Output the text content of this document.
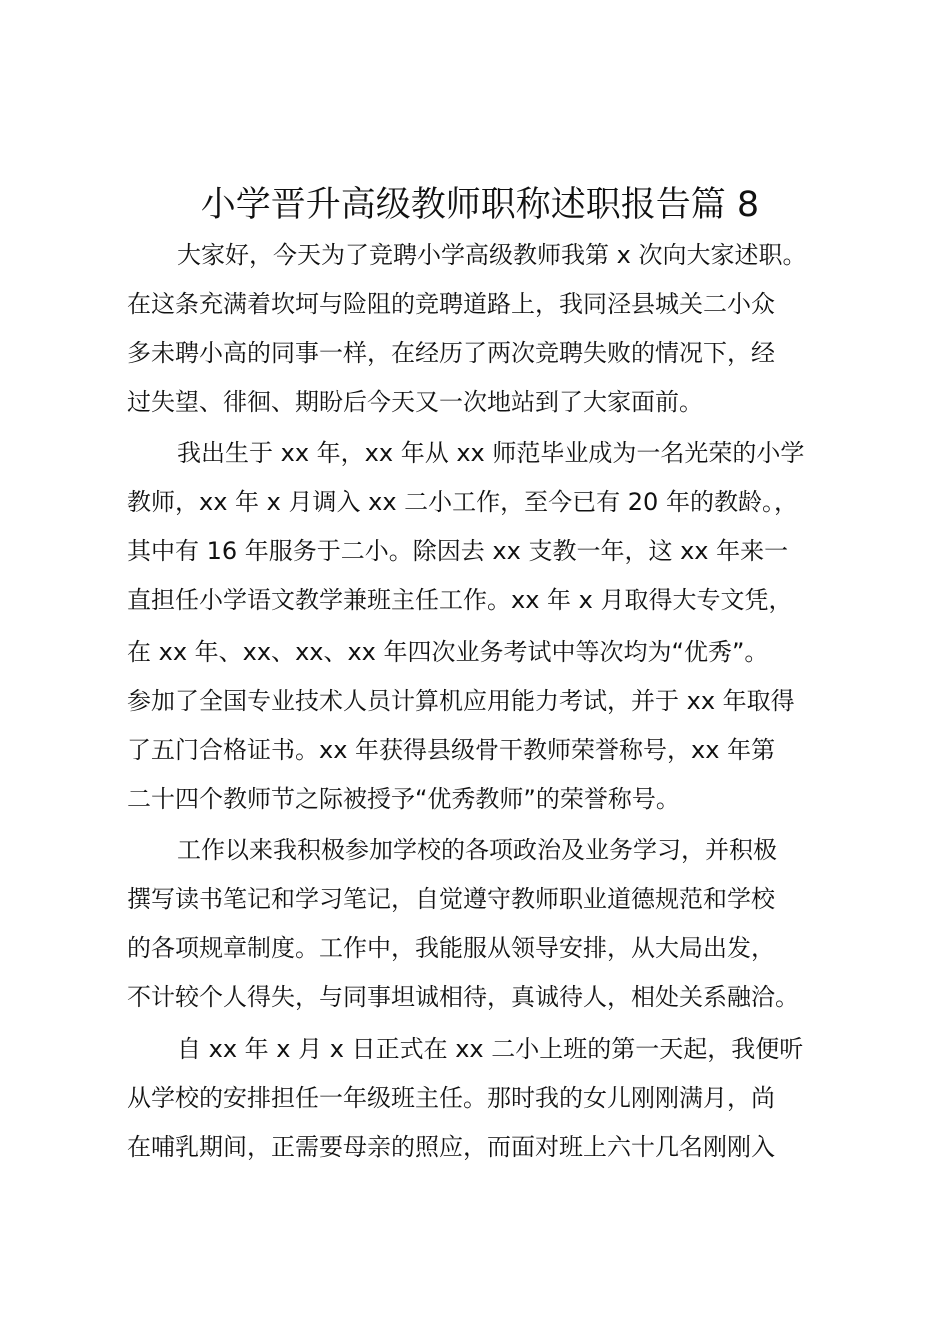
小学晋升高级教师职称述职报告篇 8

大家好，今天为了竞聘小学高级教师我第 x 次向大家述职。

在这条充满着坎坷与险阻的竞聘道路上，我同泾县城关二小众

多未聘小高的同事一样，在经历了两次竞聘失败的情况下，经

过失望、徘徊、期盼后今天又一次地站到了大家面前。

我出生于 xx 年，xx 年从 xx 师范毕业成为一名光荣的小学

教师，xx 年 x 月调入 xx 二小工作，至今已有 20 年的教龄。，

其中有 16 年服务于二小。除因去 xx 支教一年，这 xx 年来一

直担任小学语文教学兼班主任工作。xx 年 x 月取得大专文凭，

在 xx 年、xx、xx、xx 年四次业务考试中等次均为“优秀”。

参加了全国专业技术人员计算机应用能力考试，并于 xx 年取得

了五门合格证书。xx 年获得县级骨干教师荣誉称号，xx 年第

二十四个教师节之际被授予“优秀教师”的荣誉称号。

工作以来我积极参加学校的各项政治及业务学习，并积极

撰写读书笔记和学习笔记，自觉遵守教师职业道德规范和学校

的各项规章制度。工作中，我能服从领导安排，从大局出发，

不计较个人得失，与同事坦诚相待，真诚待人，相处关系融洽。

自 xx 年 x 月 x 日正式在 xx 二小上班的第一天起，我便听

从学校的安排担任一年级班主任。那时我的女儿刚刚满月，尚

在哺乳期间，正需要母亲的照应，而面对班上六十几名刚刚入
